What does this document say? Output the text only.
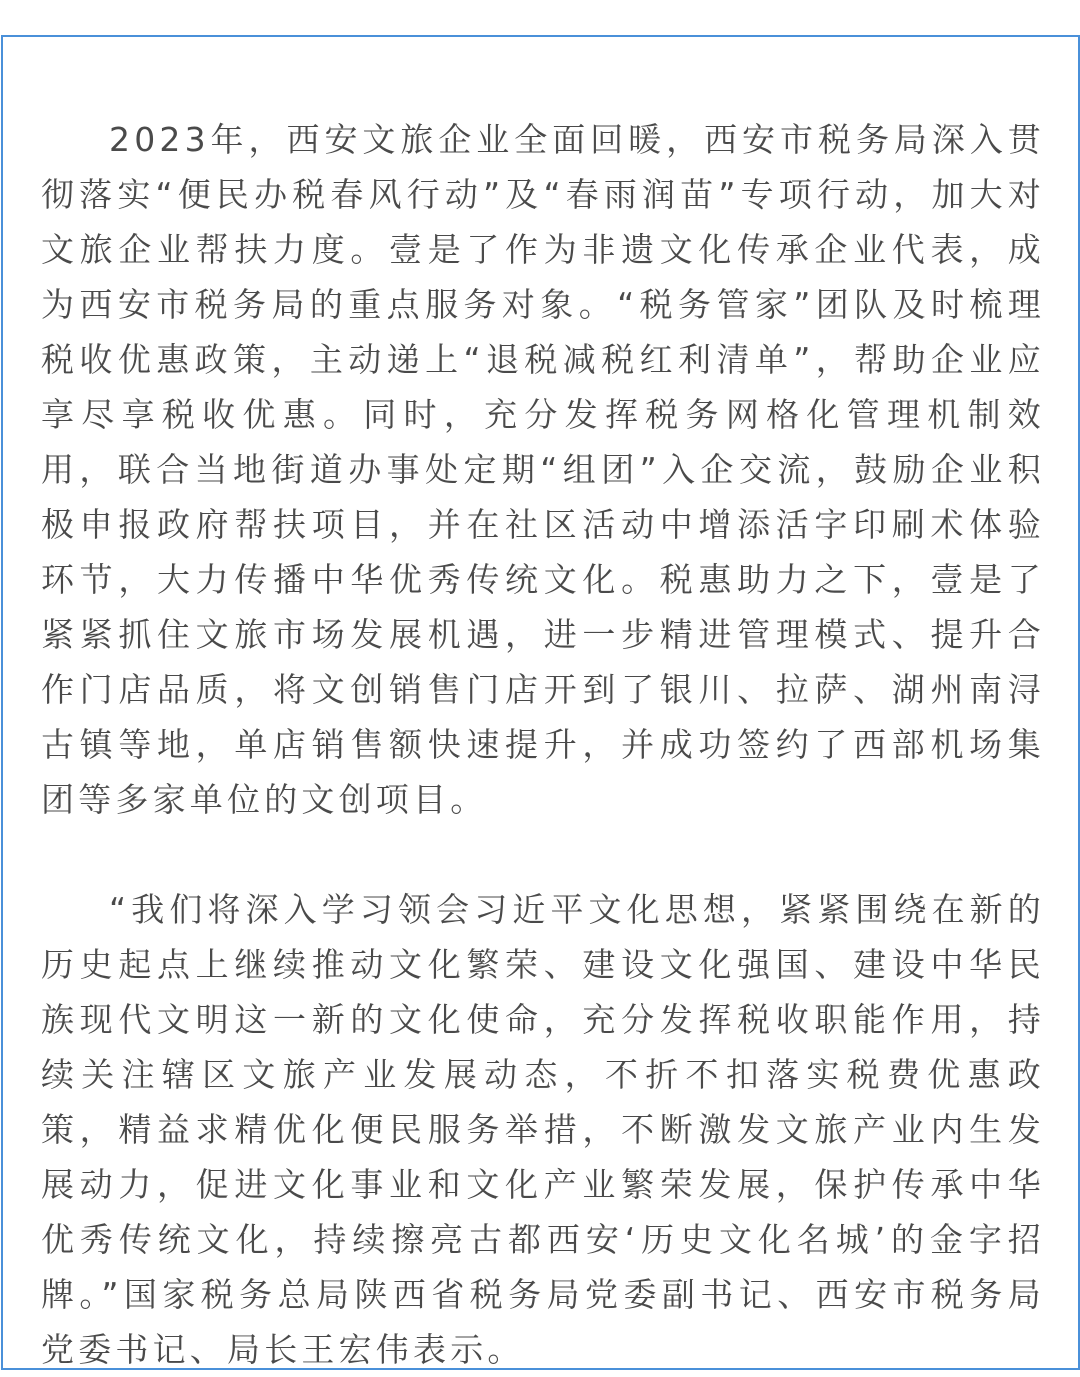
2023年，西安文旅企业全面回暖，西安市税务局深入贯彻落实“便民办税春风行动”及“春雨润苗”专项行动，加大对文旅企业帮扶力度。壹是了作为非遗文化传承企业代表，成为西安市税务局的重点服务对象。“税务管家”团队及时梳理税收优惠政策，主动递上“退税减税红利清单”，帮助企业应享尽享税收优惠。同时，充分发挥税务网格化管理机制效用，联合当地街道办事处定期“组团”入企交流，鼓励企业积极申报政府帮扶项目，并在社区活动中增添活字印刷术体验环节，大力传播中华优秀传统文化。税惠助力之下，壹是了紧紧抓住文旅市场发展机遇，进一步精进管理模式、提升合作门店品质，将文创销售门店开到了银川、拉萨、湖州南浔古镇等地，单店销售额快速提升，并成功签约了西部机场集团等多家单位的文创项目。

“我们将深入学习领会习近平文化思想，紧紧围绕在新的历史起点上继续推动文化繁荣、建设文化强国、建设中华民族现代文明这一新的文化使命，充分发挥税收职能作用，持续关注辖区文旅产业发展动态，不折不扣落实税费优惠政策，精益求精优化便民服务举措，不断激发文旅产业内生发展动力，促进文化事业和文化产业繁荣发展，保护传承中华优秀传统文化，持续擦亮古都西安‘历史文化名城’的金字招牌。”国家税务总局陕西省税务局党委副书记、西安市税务局党委书记、局长王宏伟表示。
